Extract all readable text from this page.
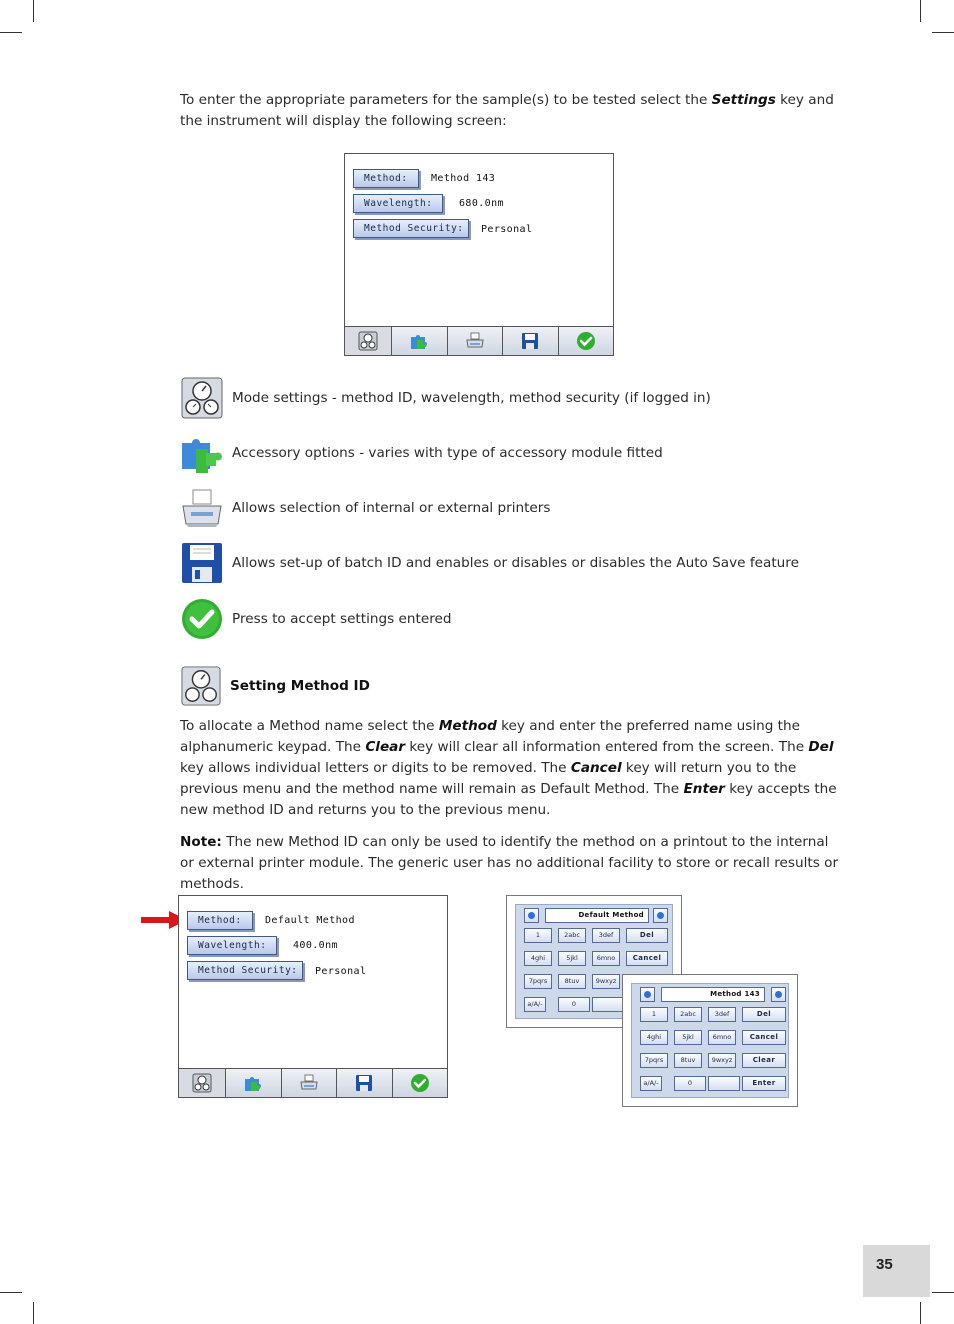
To enter the appropriate parameters for the sample(s) to be tested select the Settings key and the instrument will display the following screen:
Method:	Method 143
Wavelength:	680.0nm
Method Security:	Personal
Mode settings - method ID, wavelength, method security (if logged in)
Accessory options - varies with type of accessory module fitted
Allows selection of internal or external printers
Allows set-up of batch ID and enables or disables or disables the Auto Save feature
Press to accept settings entered
Setting Method ID
To allocate a Method name select the Method key and enter the preferred name using the alphanumeric keypad. The Clear key will clear all information entered from the screen. The Del key allows individual letters or digits to be removed. The Cancel key will return you to the previous menu and the method name will remain as Default Method. The Enter key accepts the new method ID and returns you to the previous menu.
Note: The new Method ID can only be used to identify the method on a printout to the internal or external printer module. The generic user has no additional facility to store or recall results or methods.
Method:	Default Method
Wavelength:	400.0nm
Method Security:	Personal
Default Method
1	2abc	3def	Del
4ghi	5jkl	6mno	Cancel
7pqrs	8tuv	9wxyz
a/A/-	0
Method 143
1	2abc	3def	Del
4ghi	5jkl	6mno	Cancel
7pqrs	8tuv	9wxyz	Clear
a/A/-	0	Enter
35
